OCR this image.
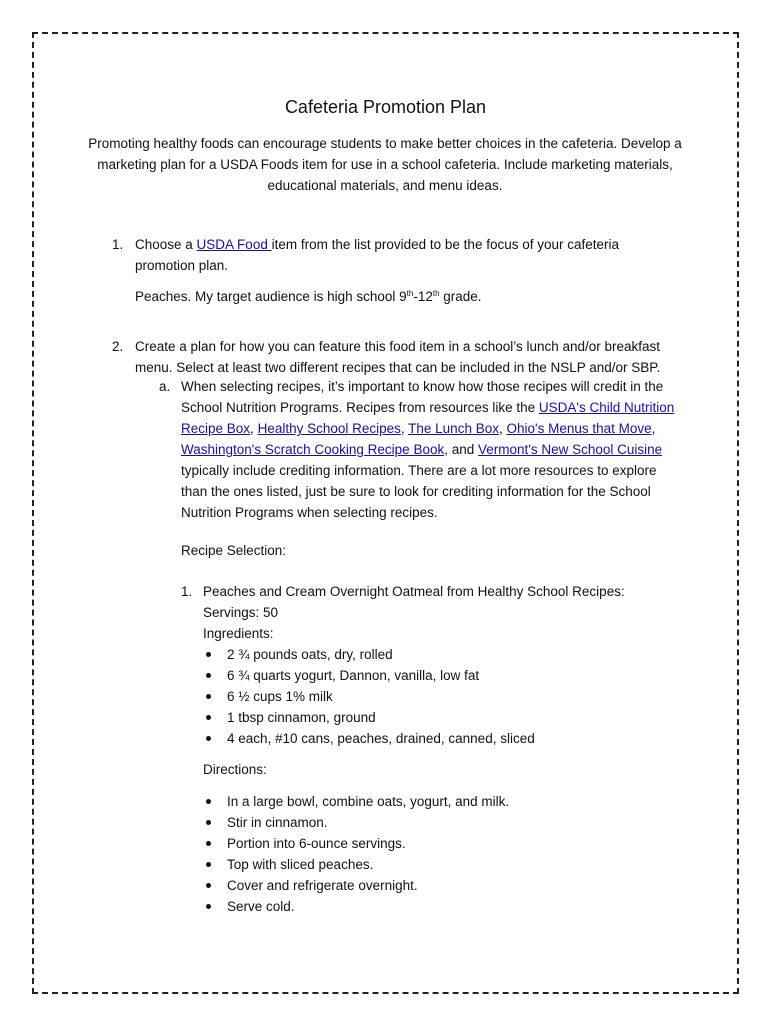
Cafeteria Promotion Plan

Promoting healthy foods can encourage students to make better choices in the cafeteria. Develop a marketing plan for a USDA Foods item for use in a school cafeteria. Include marketing materials, educational materials, and menu ideas.

1. Choose a USDA Food item from the list provided to be the focus of your cafeteria promotion plan.

Peaches. My target audience is high school 9th-12th grade.

2. Create a plan for how you can feature this food item in a school’s lunch and/or breakfast menu. Select at least two different recipes that can be included in the NSLP and/or SBP.

a. When selecting recipes, it’s important to know how those recipes will credit in the School Nutrition Programs. Recipes from resources like the USDA's Child Nutrition Recipe Box, Healthy School Recipes, The Lunch Box, Ohio's Menus that Move, Washington's Scratch Cooking Recipe Book, and Vermont's New School Cuisine typically include crediting information. There are a lot more resources to explore than the ones listed, just be sure to look for crediting information for the School Nutrition Programs when selecting recipes.

Recipe Selection:
1. Peaches and Cream Overnight Oatmeal from Healthy School Recipes:
Servings: 50
Ingredients:
2 ¾ pounds oats, dry, rolled
6 ¾ quarts yogurt, Dannon, vanilla, low fat
6 ½ cups 1% milk
1 tbsp cinnamon, ground
4 each, #10 cans, peaches, drained, canned, sliced
Directions:
In a large bowl, combine oats, yogurt, and milk.
Stir in cinnamon.
Portion into 6-ounce servings.
Top with sliced peaches.
Cover and refrigerate overnight.
Serve cold.
